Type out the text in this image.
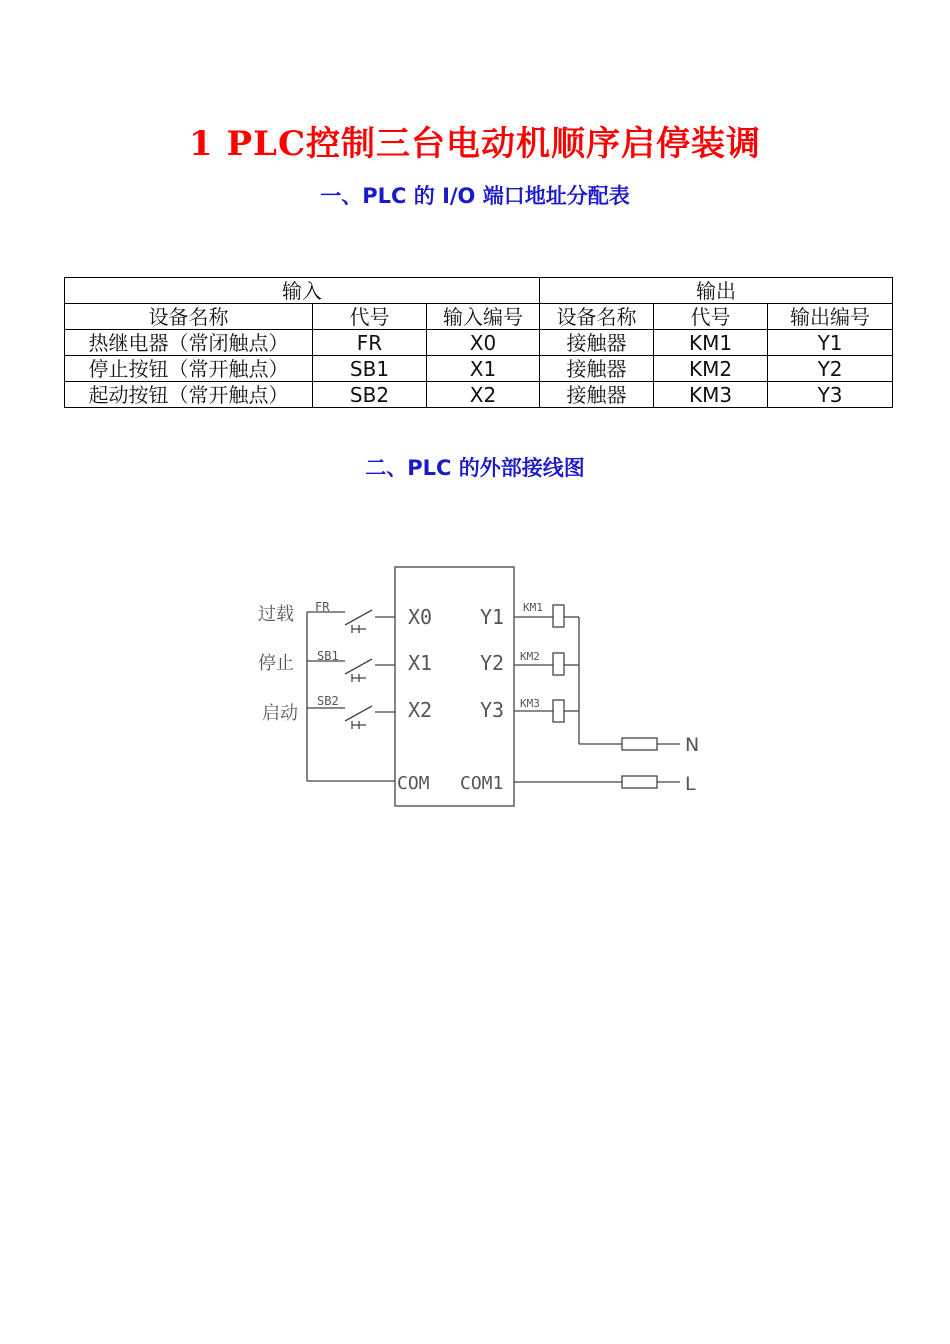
1 PLC控制三台电动机顺序启停装调
一、PLC 的 I/O 端口地址分配表
输入			输出		
设备名称	代号	输入编号	设备名称	代号	输出编号
热继电器（常闭触点）	FR	X0	接触器	KM1	Y1
停止按钮（常开触点）	SB1	X1	接触器	KM2	Y2
起动按钮（常开触点）	SB2	X2	接触器	KM3	Y3
二、PLC 的外部接线图
过载
停止
启动
FR
SB1
SB2
X0
X1
X2
Y1
Y2
Y3
COM COM1
KM1
KM2
KM3
N
L
